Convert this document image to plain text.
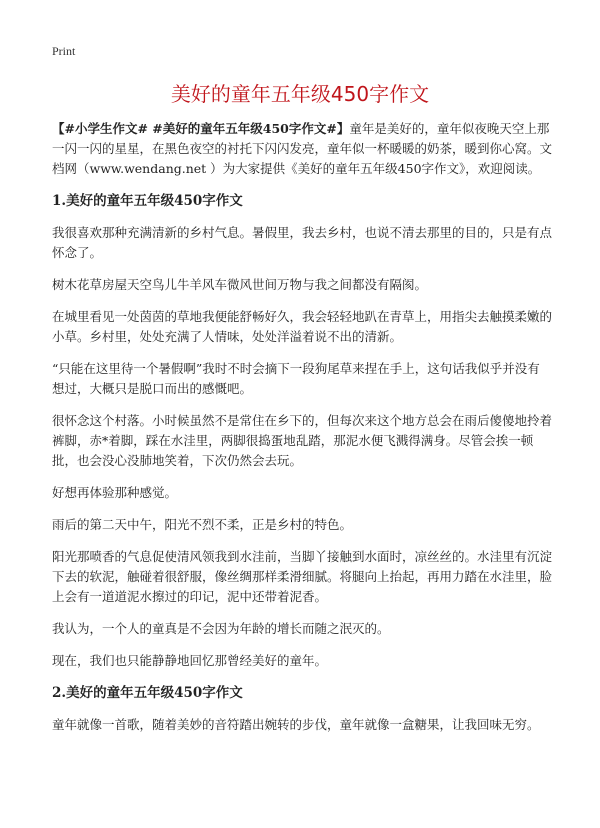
Print
美好的童年五年级450字作文

【#小学生作文# #美好的童年五年级450字作文#】童年是美好的，童年似夜晚天空上那一闪一闪的星星，在黑色夜空的衬托下闪闪发亮，童年似一杯暖暖的奶茶，暖到你心窝。文档网（www.wendang.net ）为大家提供《美好的童年五年级450字作文》，欢迎阅读。

1.美好的童年五年级450字作文

我很喜欢那种充满清新的乡村气息。暑假里，我去乡村，也说不清去那里的目的，只是有点怀念了。

树木花草房屋天空鸟儿牛羊风车微风世间万物与我之间都没有隔阂。

在城里看见一处茵茵的草地我便能舒畅好久，我会轻轻地趴在青草上，用指尖去触摸柔嫩的小草。乡村里，处处充满了人情味，处处洋溢着说不出的清新。

“只能在这里待一个暑假啊”我时不时会摘下一段狗尾草来捏在手上，这句话我似乎并没有想过，大概只是脱口而出的感慨吧。

很怀念这个村落。小时候虽然不是常住在乡下的，但每次来这个地方总会在雨后傻傻地拎着裤脚，赤*着脚，踩在水洼里，两脚很捣蛋地乱踏，那泥水便飞溅得满身。尽管会挨一顿批，也会没心没肺地笑着，下次仍然会去玩。

好想再体验那种感觉。

雨后的第二天中午，阳光不烈不柔，正是乡村的特色。

阳光那喷香的气息促使清风领我到水洼前，当脚丫接触到水面时，凉丝丝的。水洼里有沉淀下去的软泥，触碰着很舒服，像丝绸那样柔滑细腻。将腿向上抬起，再用力踏在水洼里，脸上会有一道道泥水擦过的印记，泥中还带着泥香。

我认为，一个人的童真是不会因为年龄的增长而随之泯灭的。

现在，我们也只能静静地回忆那曾经美好的童年。

2.美好的童年五年级450字作文

童年就像一首歌，随着美妙的音符踏出婉转的步伐，童年就像一盒糖果，让我回味无穷。
